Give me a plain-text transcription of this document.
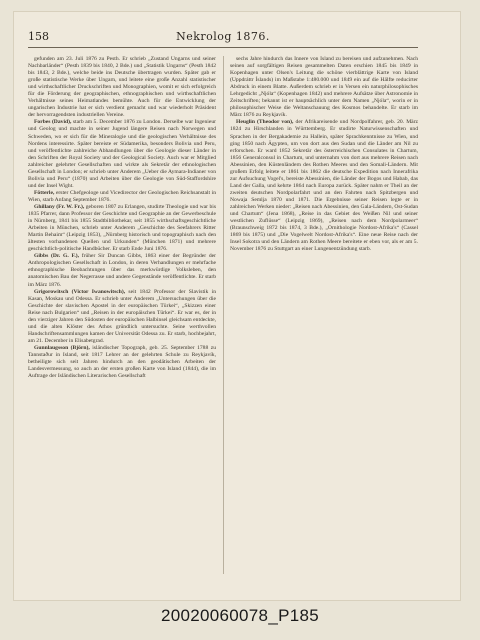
158	Nekrolog 1876.

gefunden am 23. Juli 1876 zu Pesth. Er schrieb „Zustand Ungarns und seiner Nachbarländer“ (Pesth 1839 bis 1840, 2 Bde.) und „Statistik Ungarns“ (Pesth 1842 bis 1843, 2 Bde.), welche beide ins Deutsche übertragen wurden. Später gab er große statistische Werke über Ungarn, und leitete eine große Anzahl statistischer und wirthschaftlicher Druckschriften und Monographien, womit er sich erfolgreich für die Förderung der geographischen, ethnographischen und wirthschaftlichen Verhältnisse seines Heimatlandes bemühte. Auch für die Entwicklung der ungarischen Industrie hat er sich verdient gemacht und war wiederholt Präsident der hervorragendsten industriellen Vereine.

Forbes (David), starb am 5. December 1876 zu London. Derselbe war Ingenieur und Geolog und machte in seiner Jugend längere Reisen nach Norwegen und Schweden, wo er sich für die Mineralogie und die geologischen Verhältnisse des Nordens interessirte. Später bereiste er Südamerika, besonders Bolivia und Peru, und veröffentlichte zahlreiche Abhandlungen über die Geologie dieser Länder in den Schriften der Royal Society und der Geological Society. Auch war er Mitglied zahlreicher gelehrter Gesellschaften und wirkte als Sekretär der ethnologischen Gesellschaft in London; er schrieb unter Anderem „Ueber die Aymara-Indianer von Bolivia und Peru“ (1870) und Arbeiten über die Geologie von Süd-Staffordshire und der Insel Wight.

Fötterle, erster Chefgeologe und Vicedirector der Geologischen Reichsanstalt in Wien, starb Anfang September 1876.

Ghillany (Fr. W. Fr.), geboren 1807 zu Erlangen, studirte Theologie und war bis 1835 Pfarrer, dann Professor der Geschichte und Geographie an der Gewerbeschule in Nürnberg, 1841 bis 1855 Stadtbibliothekar, seit 1855 wirthschaftsgeschichtliche Arbeiten in München, schrieb unter Anderem „Geschichte des Seefahrers Ritter Martin Behaim“ (Leipzig 1853), „Nürnberg historisch und topographisch nach den ältesten vorhandenen Quellen und Urkunden“ (München 1871) und mehrere geschichtlich-politische Handbücher. Er starb Ende Juni 1876.

Gibbs (Dr. G. F.), früher Sir Duncan Gibbs, 1863 einer der Begründer der Anthropologischen Gesellschaft in London, in deren Verhandlungen er mehrfache ethnographische Beobachtungen über das merkwürdige Volksleben, den anatomischen Bau der Negerrasse und andere Gegenstände veröffentlichte. Er starb im März 1876.

Grigorowitsch (Victor Iwanowitsch), seit 1842 Professor der Slavistik in Kasan, Moskau und Odessa. Er schrieb unter Anderem „Untersuchungen über die Geschichte der slavischen Apostel in der europäischen Türkei“, „Skizzen einer Reise nach Bulgarien“ und „Reisen in der europäischen Türkei“. Er war es, der in den vierziger Jahren den Südosten der europäischen Halbinsel gleichsam entdeckte, und die alten Klöster des Athos gründlich untersuchte. Seine werthvollen Handschriftensammlungen kamen der Universität Odessa zu. Er starb, hochbejahrt, am 21. December in Elisabetgrad.

Gunnlaugsson (Björn), isländischer Topograph, geb. 25. September 1788 zu Tannstaður in Island, seit 1817 Lehrer an der gelehrten Schule zu Reykjavík, betheiligte sich seit Jahren hindurch an den geodätischen Arbeiten der Landesvermessung, so auch an der ersten großen Karte von Island (1844), die im Auftrage der Isländischen Literarischen Gesellschaft

sechs Jahre hindurch das Innere von Island zu bereisen und aufzunehmen. Nach seinen auf sorgfältigen Reisen gesammelten Daten erschien 1845 bis 1849 in Kopenhagen unter Olsen's Leitung die schöne vierblättrige Karte von Island (Uppdráttr Íslands) im Maßstabe 1:480.000 und 1849 ein auf die Hälfte reducirter Abdruck in einem Blatte. Außerdem schrieb er in Versen ein naturphilosophisches Lehrgedicht „Njóla“ (Kopenhagen 1842) und mehrere Aufsätze über Astronomie in Zeitschriften; bekannt ist er hauptsächlich unter dem Namen „Njóla“, worin er in philosophischer Weise die Weltanschauung des Kosmos behandelte. Er starb im März 1876 zu Reykjavík.

Heuglin (Theodor von), der Afrikareisende und Nordpolfahrer, geb. 20. März 1824 zu Hirschlanden in Württemberg. Er studirte Naturwissenschaften und Sprachen in der Bergakademie zu Hallein, später Sprachkenntnisse zu Wien, und ging 1850 nach Ägypten, um von dort aus den Sudan und die Länder am Nil zu erforschen. Er ward 1852 Sekretär des österreichischen Consulates in Chartum, 1856 Generalconsul in Chartum, und unternahm von dort aus mehrere Reisen nach Abessinien, den Küstenländern des Rothen Meeres und den Somali-Ländern. Mit großem Erfolg leitete er 1861 bis 1862 die deutsche Expedition nach Innerafrika zur Aufsuchung Vogel's, bereiste Abessinien, die Länder der Bogos und Habab, das Land der Galla, und kehrte 1864 nach Europa zurück. Später nahm er Theil an der zweiten deutschen Nordpolarfahrt und an den Fahrten nach Spitzbergen und Nowaja Semlja 1870 und 1871. Die Ergebnisse seiner Reisen legte er in zahlreichen Werken nieder: „Reisen nach Abessinien, den Gala-Ländern, Ost-Sudan und Chartum“ (Jena 1868), „Reise in das Gebiet des Weißen Nil und seiner westlichen Zuflüsse“ (Leipzig 1869), „Reisen nach dem Nordpolarmeer“ (Braunschweig 1872 bis 1874, 3 Bde.), „Ornithologie Nordost-Afrika's“ (Cassel 1869 bis 1875) und „Die Vogelwelt Nordost-Afrika's“. Eine neue Reise nach der Insel Sokotra und den Ländern am Rothen Meere bereitete er eben vor, als er am 5. November 1876 zu Stuttgart an einer Lungenentzündung starb.

20020060078_P185
